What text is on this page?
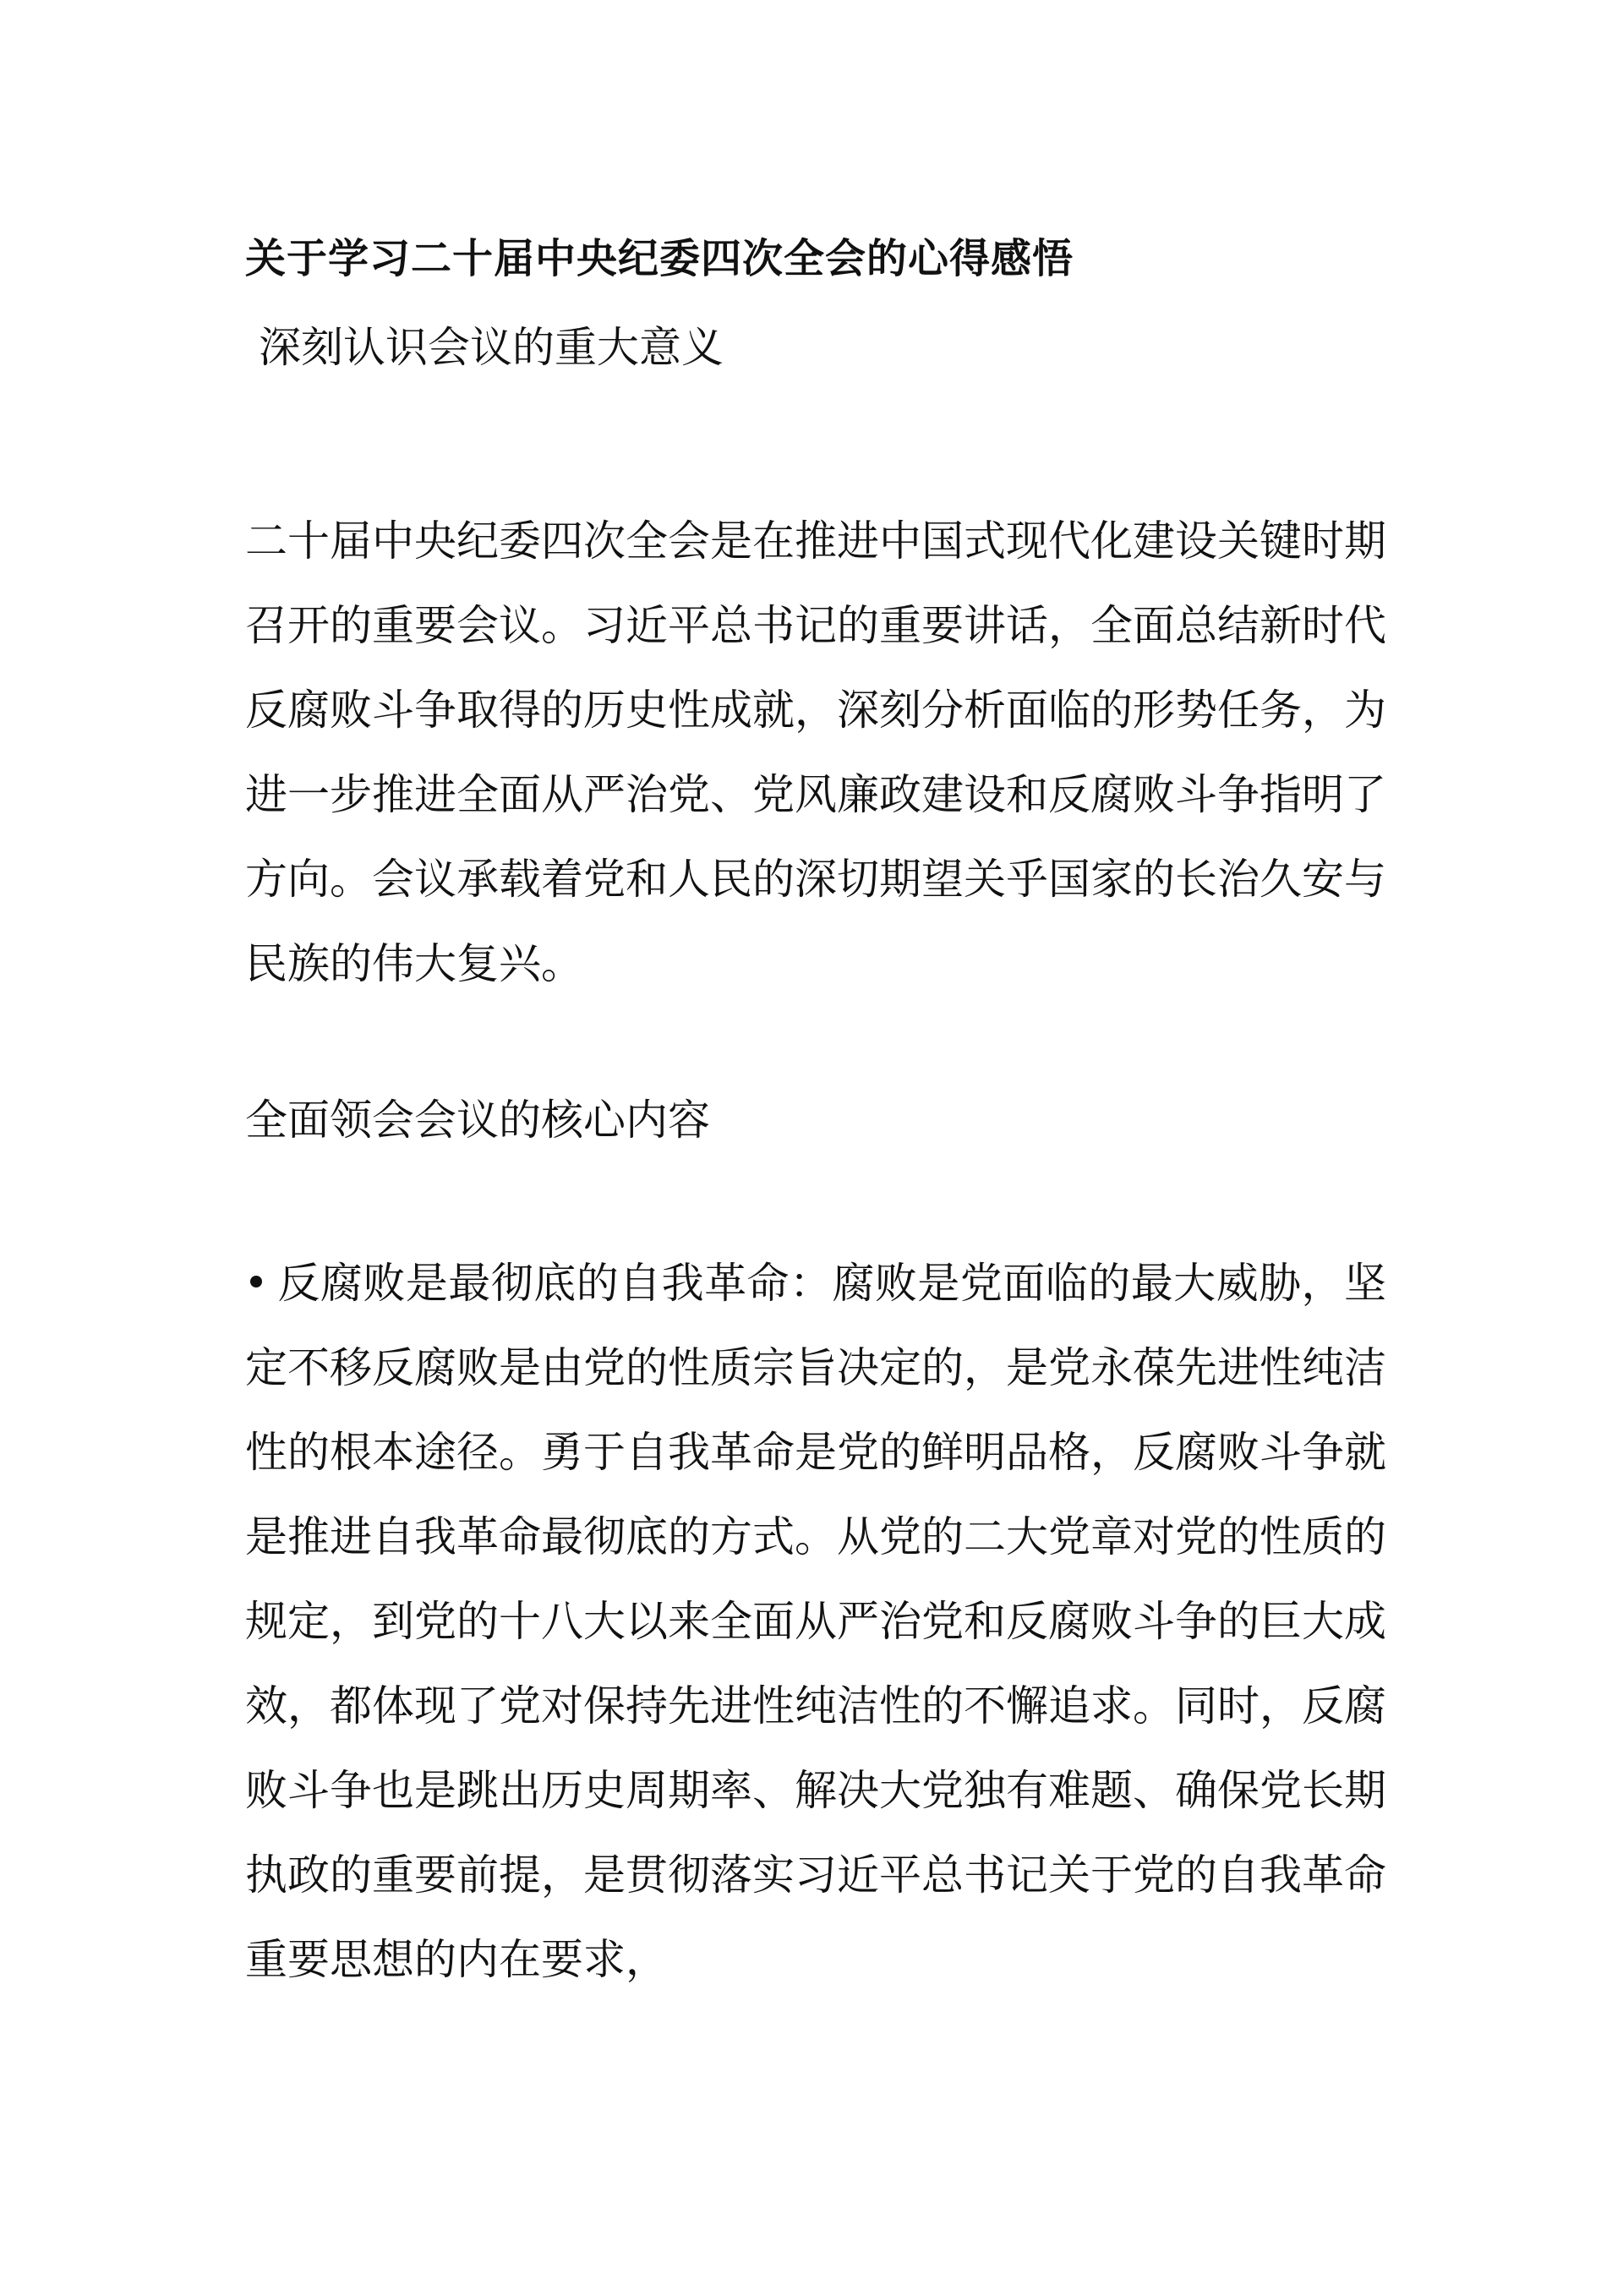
关于学习二十届中央纪委四次全会的心得感悟
深刻认识会议的重大意义

二十届中央纪委四次全会是在推进中国式现代化建设关键时期召开的重要会议。习近平总书记的重要讲话，全面总结新时代反腐败斗争取得的历史性成就，深刻分析面临的形势任务，为进一步推进全面从严治党、党风廉政建设和反腐败斗争指明了方向。会议承载着党和人民的深切期望关乎国家的长治久安与民族的伟大复兴。

全面领会会议的核心内容

反腐败是最彻底的自我革命：腐败是党面临的最大威胁，坚定不移反腐败是由党的性质宗旨决定的，是党永葆先进性纯洁性的根本途径。勇于自我革命是党的鲜明品格，反腐败斗争就是推进自我革命最彻底的方式。从党的二大党章对党的性质的规定，到党的十八大以来全面从严治党和反腐败斗争的巨大成效，都体现了党对保持先进性纯洁性的不懈追求。同时，反腐败斗争也是跳出历史周期率、解决大党独有难题、确保党长期执政的重要前提，是贯彻落实习近平总书记关于党的自我革命重要思想的内在要求，
